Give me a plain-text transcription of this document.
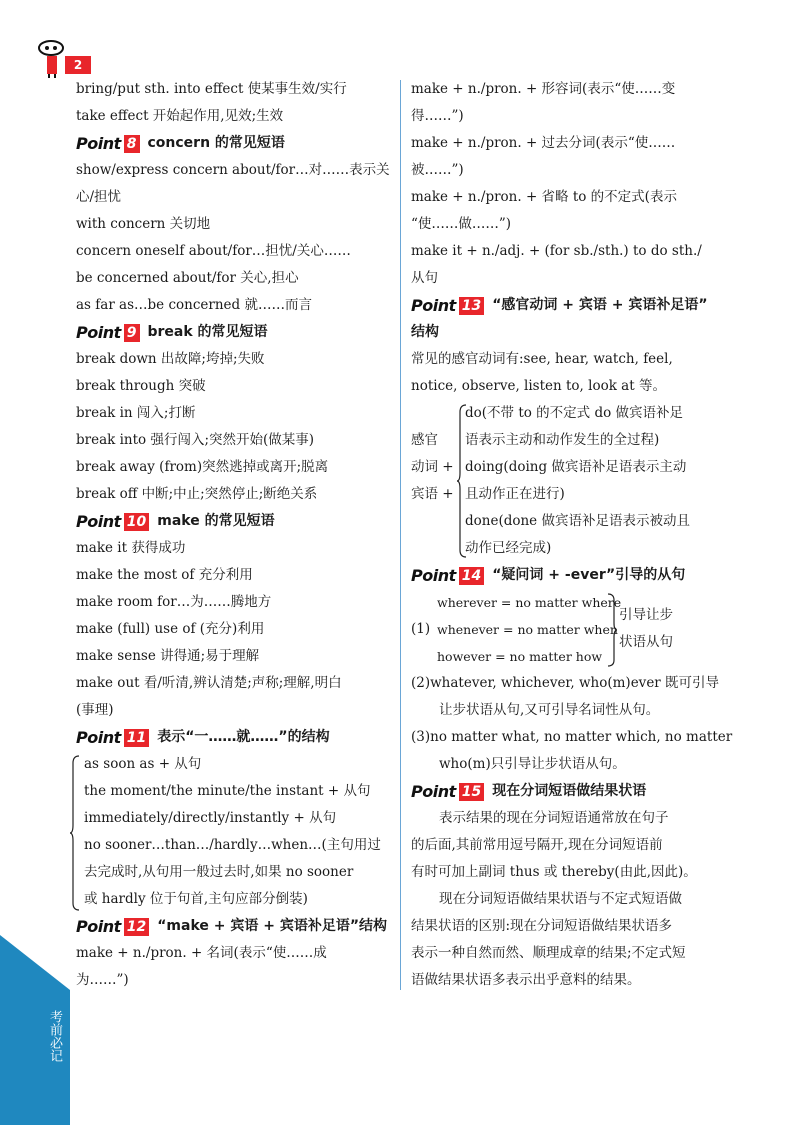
考前必记
2
bring/put sth. into effect 使某事生效/实行
take effect 开始起作用,见效;生效
Point 8 concern 的常见短语
show/express concern about/for…对……表示关
心/担忧
with concern 关切地
concern oneself about/for…担忧/关心……
be concerned about/for 关心,担心
as far as…be concerned 就……而言
Point 9 break 的常见短语
break down 出故障;垮掉;失败
break through 突破
break in 闯入;打断
break into 强行闯入;突然开始(做某事)
break away (from)突然逃掉或离开;脱离
break off 中断;中止;突然停止;断绝关系
Point 10 make 的常见短语
make it 获得成功
make the most of 充分利用
make room for…为……腾地方
make (full) use of (充分)利用
make sense 讲得通;易于理解
make out 看/听清,辨认清楚;声称;理解,明白
(事理)
Point 11 表示“一……就……”的结构
as soon as + 从句
the moment/the minute/the instant + 从句
immediately/directly/instantly + 从句
no sooner…than…/hardly…when…(主句用过
去完成时,从句用一般过去时,如果 no sooner
或 hardly 位于句首,主句应部分倒装)
Point 12 “make + 宾语 + 宾语补足语”结构
make + n./pron. + 名词(表示“使……成
为……”)
make + n./pron. + 形容词(表示“使……变
得……”)
make + n./pron. + 过去分词(表示“使……
被……”)
make + n./pron. + 省略 to 的不定式(表示
“使……做……”)
make it + n./adj. + (for sb./sth.) to do sth./
从句
Point 13 “感官动词 + 宾语 + 宾语补足语”
结构
常见的感官动词有:see, hear, watch, feel,
notice, observe, listen to, look at 等。
感官
动词 +
宾语 +
do(不带 to 的不定式 do 做宾语补足
语表示主动和动作发生的全过程)
doing(doing 做宾语补足语表示主动
且动作正在进行)
done(done 做宾语补足语表示被动且
动作已经完成)
Point 14 “疑问词 + -ever”引导的从句
(1)
wherever = no matter where
whenever = no matter when
however = no matter how
引导让步
状语从句
(2)whatever, whichever, who(m)ever 既可引导
让步状语从句,又可引导名词性从句。
(3)no matter what, no matter which, no matter
who(m)只引导让步状语从句。
Point 15 现在分词短语做结果状语
表示结果的现在分词短语通常放在句子
的后面,其前常用逗号隔开,现在分词短语前
有时可加上副词 thus 或 thereby(由此,因此)。
现在分词短语做结果状语与不定式短语做
结果状语的区别:现在分词短语做结果状语多
表示一种自然而然、顺理成章的结果;不定式短
语做结果状语多表示出乎意料的结果。
